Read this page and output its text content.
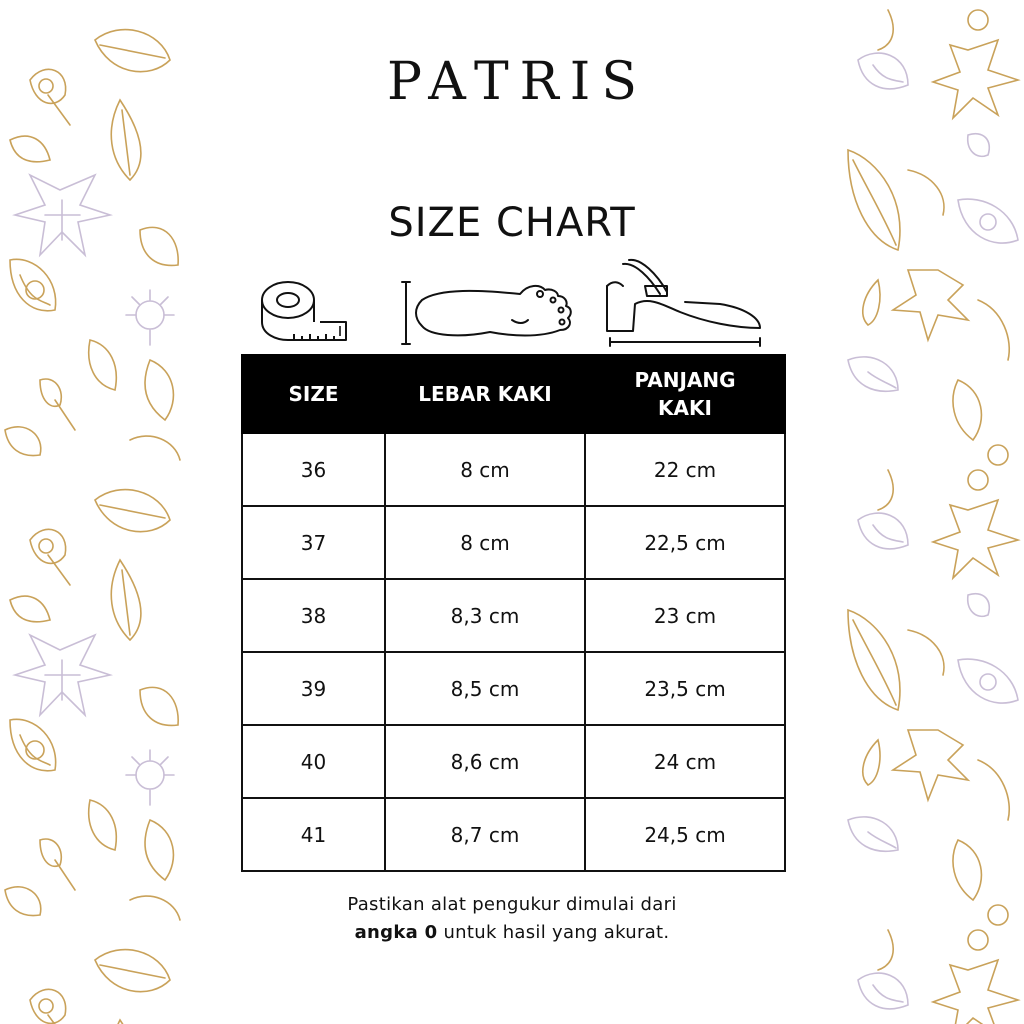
PATRIS
SIZE CHART
SIZE	LEBAR KAKI	PANJANG
KAKI
36	8 cm	22 cm
37	8 cm	22,5 cm
38	8,3 cm	23 cm
39	8,5 cm	23,5 cm
40	8,6 cm	24 cm
41	8,7 cm	24,5 cm
Pastikan alat pengukur dimulai dari
angka 0 untuk hasil yang akurat.
